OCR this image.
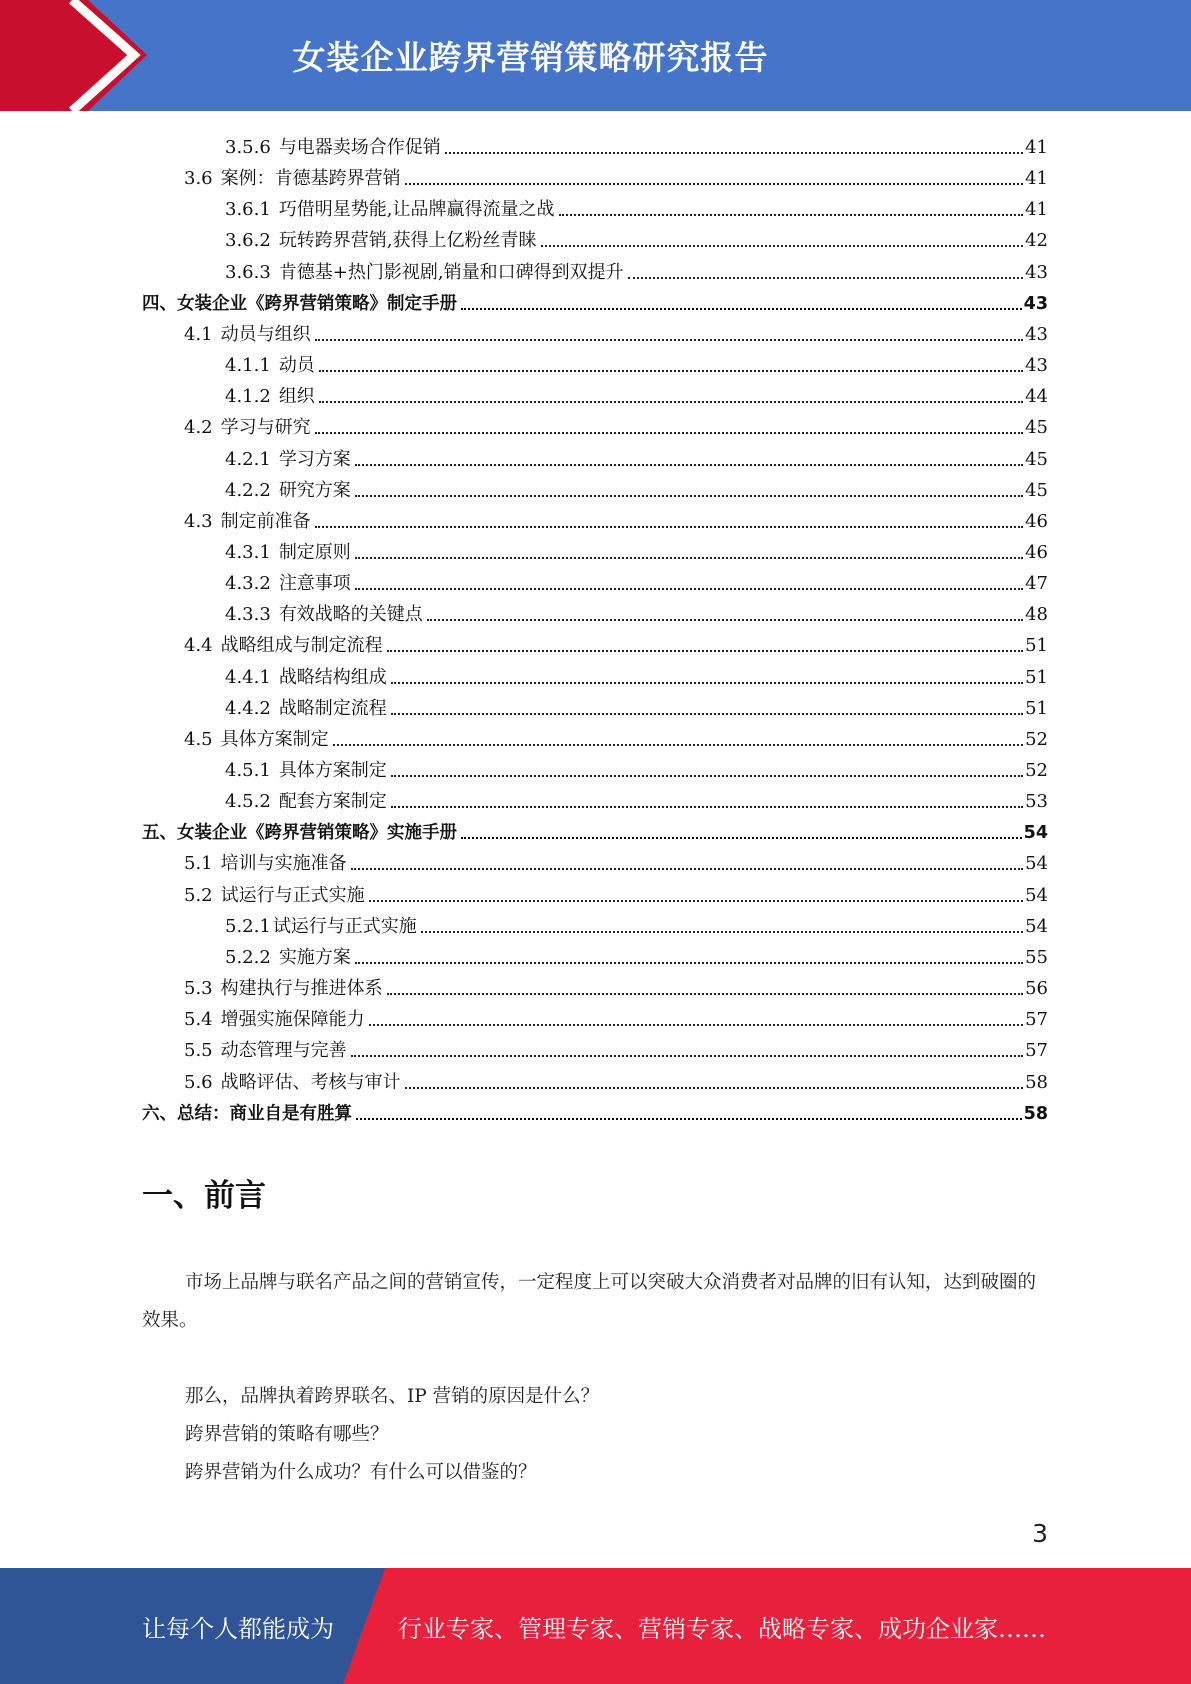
女装企业跨界营销策略研究报告
3.5.6 与电器卖场合作促销	41
3.6 案例：肯德基跨界营销	41
3.6.1 巧借明星势能,让品牌赢得流量之战	41
3.6.2 玩转跨界营销,获得上亿粉丝青睐	42
3.6.3 肯德基+热门影视剧,销量和口碑得到双提升	43
四、女装企业《跨界营销策略》制定手册	43
4.1 动员与组织	43
4.1.1 动员	43
4.1.2 组织	44
4.2 学习与研究	45
4.2.1 学习方案	45
4.2.2 研究方案	45
4.3 制定前准备	46
4.3.1 制定原则	46
4.3.2 注意事项	47
4.3.3 有效战略的关键点	48
4.4 战略组成与制定流程	51
4.4.1 战略结构组成	51
4.4.2 战略制定流程	51
4.5 具体方案制定	52
4.5.1 具体方案制定	52
4.5.2 配套方案制定	53
五、女装企业《跨界营销策略》实施手册	54
5.1 培训与实施准备	54
5.2 试运行与正式实施	54
5.2.1 试运行与正式实施	54
5.2.2 实施方案	55
5.3 构建执行与推进体系	56
5.4 增强实施保障能力	57
5.5 动态管理与完善	57
5.6 战略评估、考核与审计	58
六、总结：商业自是有胜算	58
一、前言
市场上品牌与联名产品之间的营销宣传，一定程度上可以突破大众消费者对品牌的旧有认知，达到破圈的效果。
那么，品牌执着跨界联名、IP 营销的原因是什么？
跨界营销的策略有哪些？
跨界营销为什么成功？有什么可以借鉴的？
3
让每个人都能成为	行业专家、管理专家、营销专家、战略专家、成功企业家……
